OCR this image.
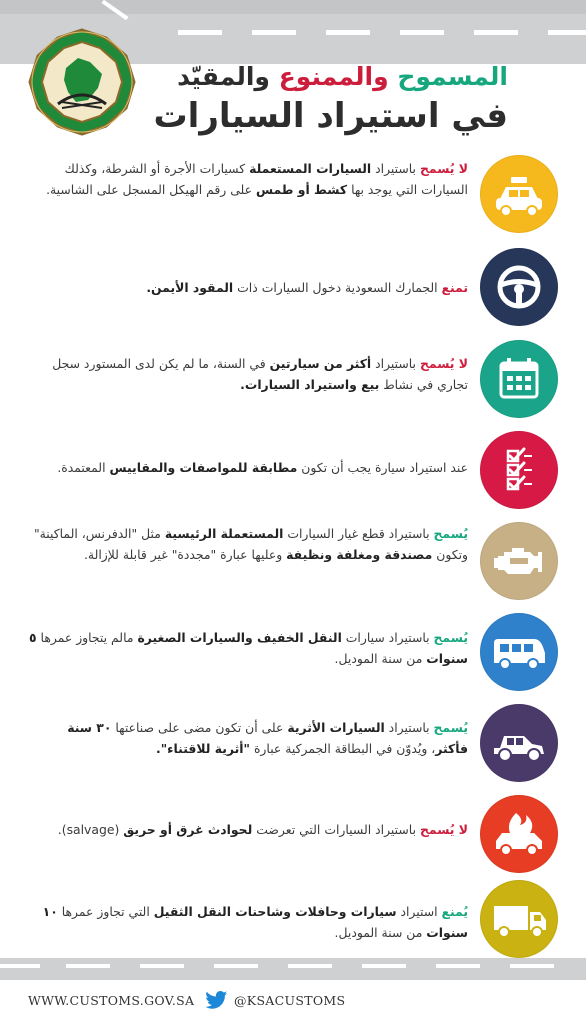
المسموح والممنوع والمقيّد
في استيراد السيارات
لا يُسمح باستيراد السيارات المستعملة كسيارات الأجرة أو الشرطة، وكذلك السيارات التي يوجد بها كشط أو طمس على رقم الهيكل المسجل على الشاسية.
تمنع الجمارك السعودية دخول السيارات ذات المقود الأيمن.
لا يُسمح باستيراد أكثر من سيارتين في السنة، ما لم يكن لدى المستورد سجل تجاري في نشاط بيع واستيراد السيارات.
عند استيراد سيارة يجب أن تكون مطابقة للمواصفات والمقاييس المعتمدة.
يُسمح باستيراد قطع غيار السيارات المستعملة الرئيسية مثل "الدفرنس، الماكينة" وتكون مصندقة ومغلفة ونظيفة وعليها عبارة "مجددة" غير قابلة للإزالة.
يُسمح باستيراد سيارات النقل الخفيف والسيارات الصغيرة مالم يتجاوز عمرها ٥ سنوات من سنة الموديل.
يُسمح باستيراد السيارات الأثرية على أن تكون مضى على صناعتها ٣٠ سنة فأكثر، ويُدوّن في البطاقة الجمركية عبارة "أثرية للاقتناء".
لا يُسمح باستيراد السيارات التي تعرضت لحوادث غرق أو حريق (salvage).
يُمنع استيراد سيارات وحافلات وشاحنات النقل الثقيل التي تجاوز عمرها ١٠ سنوات من سنة الموديل.
WWW.CUSTOMS.GOV.SA	@KSACUSTOMS
